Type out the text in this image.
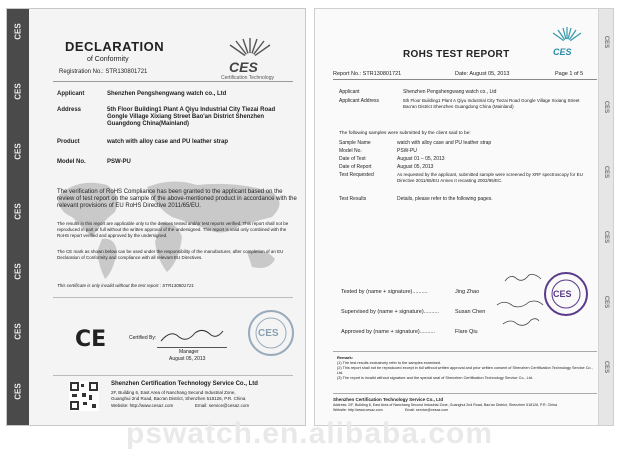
CES
CES
CES
CES
CES
CES
CES
DECLARATION
of Conformity
Registration No.: STR130801721	CES
Certification Technology
Applicant	Shenzhen Pengshengwang watch co., Ltd
Address	5th Floor Building1 Plant A Qiyu Industrial City Tiezai Road Gongle Village Xixiang Street Bao'an District Shenzhen Guangdong China(Mainland)
Product	watch with alloy case and PU leather strap
Model No.	PSW-PU
The verification of RoHS Compliance has been granted to the applicant based on the review of test report on the sample of the above-mentioned product in accordance with the relevant provisions of EU RoHS Directive 2011/65/EU.
The results in this report are applicable only to the devices tested and/or test reports verified. This report shall not be reproduced in part or full without the written approval of the undersigned. This report is valid only combined with the RoHS report verified and approved by the undersigned.
The CE mark as shown below can be used under the responsibility of the manufacturer, after completion of an EU Declaration of Conformity and compliance with all relevant EU Directives.
This certificate is only invalid without the test report : STR130801721
CE	Certified By:
Manager
August 05, 2013
CES
Shenzhen Certification Technology Service Co., Ltd
2F, Building 6, East Area of Nanchang Second Industrial Zone,
Guanghui 2nd Road, Bao'an District, Shenzhen 518126, P.R. China
Website: http://www.cesaz.com	Email: service@cesaz.com
CES
CES
CES
CES
CES
CES
ROHS TEST REPORT	CES
Report No.: STR130801721	Date: August 05, 2013	Page 1 of 5
Applicant	Shenzhen Pengshengwang watch co., Ltd
Applicant Address	5th Floor Building1 Plant A Qiyu Industrial City Tiezai Road Gongle Village Xixiang Street Bao'an District Shenzhen Guangdong China (Mainland)
The following samples were submitted by the client said to be:
Sample Name	watch with alloy case and PU leather strap
Model No.	PSW-PU
Date of Test	August 01 – 05, 2013
Date of Report	August 05, 2013
Test Requested	As requested by the applicant, submitted sample were screened by XRF spectroscopy for EU Directive 2011/65/EU Annex II recasting 2002/95/EC.
Test Results	Details, please refer to the following pages.
Tested by (name + signature)..........	Jing Zhao
Supervised by (name + signature)..........	Susan Chen
Approved by (name + signature)..........	Flare Qiu
CES
Remark:
(1) The test results exclusively refer to the samples examined.
(2) This report shall not be reproduced except in full without written approval and prior written consent of Shenzhen Certification Technology Service Co., Ltd.
(3) The report is invalid without signature and the special seal of Shenzhen Certification Technology Service Co., Ltd.
Shenzhen Certification Technology Service Co., Ltd
Address: 2/F, Building 6, East Area of Nanchang Second Industrial Zone, Guanghui 2nd Road, Bao'an District, Shenzhen 518126, P.R. China
Website: http://www.cesaz.com	Email: service@cesaz.com
pswatch.en.alibaba.com
